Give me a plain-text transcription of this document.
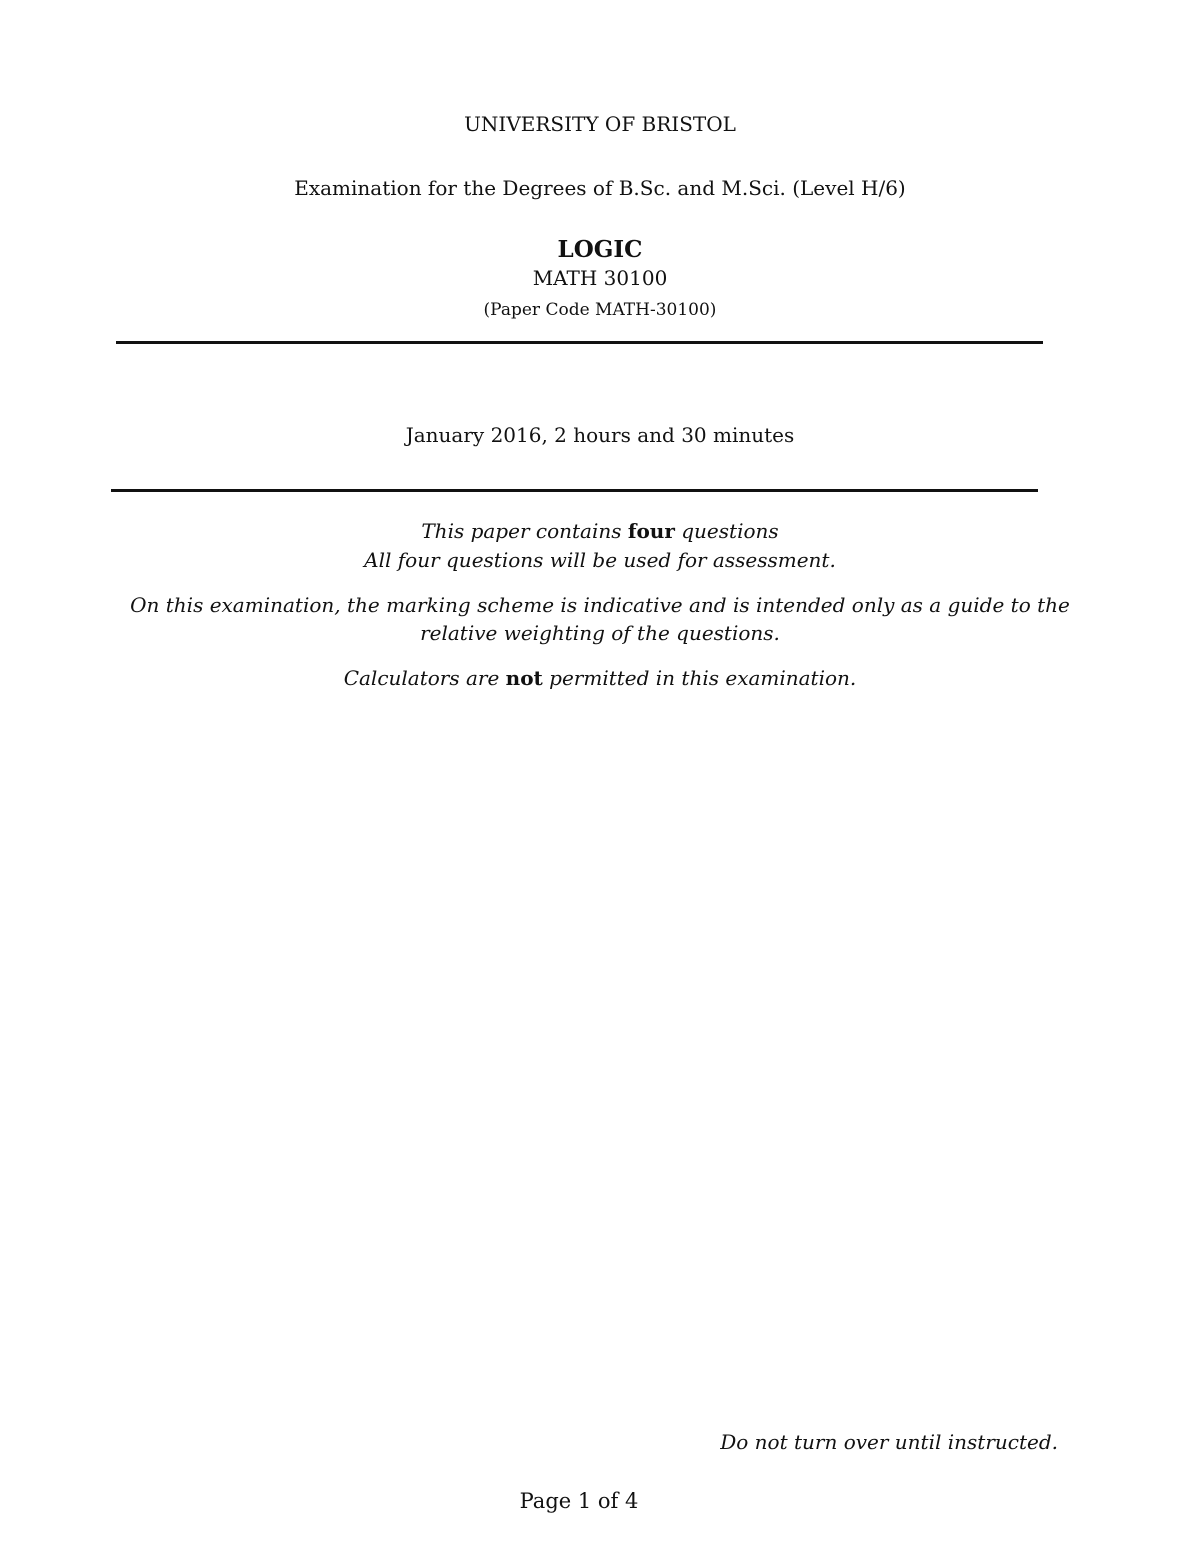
UNIVERSITY OF BRISTOL
Examination for the Degrees of B.Sc. and M.Sci. (Level H/6)
LOGIC
MATH 30100
(Paper Code MATH-30100)
January 2016, 2 hours and 30 minutes
This paper contains four questions
All four questions will be used for assessment.
On this examination, the marking scheme is indicative and is intended only as a guide to the
relative weighting of the questions.
Calculators are not permitted in this examination.
Do not turn over until instructed.
Page 1 of 4
